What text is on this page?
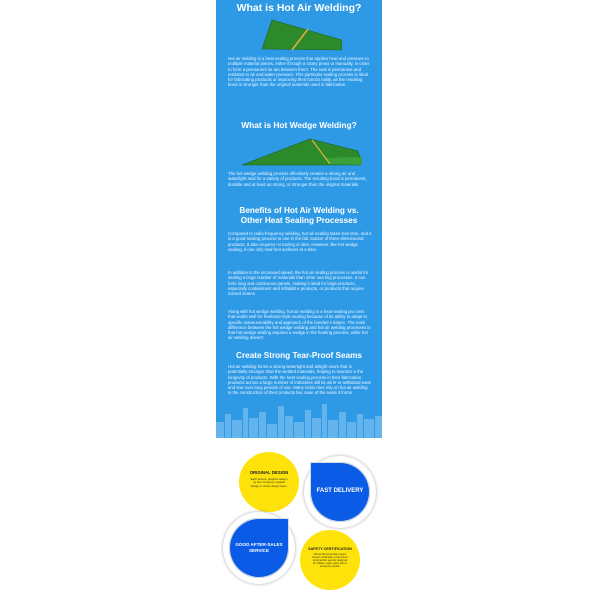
What is Hot Air Welding?

Hot air welding is a heat sealing process that applies heat and pressure to multiple material pieces, either through a rotary press or manually, in order to form a permanent se am between them. The seal is permanent and resistant to air and water pressure. This particular sealing process is ideal for fabricating products or improving their functio nality, as the resulting bond is stronger than the original materials used in fabrication.

What is Hot Wedge Welding?

The hot wedge welding process effectively creates a strong air and waterlight seal for a variety of products. The resulting bond is permanent, durable and at least as strong, or stronger than the original materials.

Benefits of Hot Air Welding vs. Other Heat Sealing Processes

Compared to radio-frequency welding, hot air sealing takes less time, and it is a good sealing process to use in the fab rication of three-dimensional products. It also requires no tooling or dies. However, like hot wedge sealing, it can only seal foot surfaces at a time.

In addition to the increased speed, the hot air sealing process is useful for sealing a large number of materials than other sea ling processes. It can form long and continuous panels, making it ideal for large products, especially containment and inflatabl e products, or products that require curved seams.

Along with hot wedge welding, hot air welding is a heat sealing pro cess that works well for freehand-style sealing because of its ability to adapt to specific maneuverability and approach of the bonded s tiature. The main difference between the hot wedge welding and hot air welding processes is that hot wedge sealing requires a wedge in the heating process, while hot air welding doesn't.

Create Strong Tear-Proof Seams

Hot air welding forms a strong watertight and airtight seam that is potentially stronger than the welded materials, helping to maximiz e the longevity of products. With the heat sealing process in their fabrication, products across a large number of industries will be ab le to withstand wear and tear over long periods of use. Many indus tries rely on hot air welding in the construction of their products bec ause of the seals it forms.

ORIGINAL DESIGN
Each texture, graphics design by the company's original design or online design team.
FAST DELIVERY
GOOD AFTER-SALES SERVICE	SAFETY CERTIFICATION
All raw fibrous product meets human certification, environmen tal protection security designed for children, elder good, also is proved by modern
